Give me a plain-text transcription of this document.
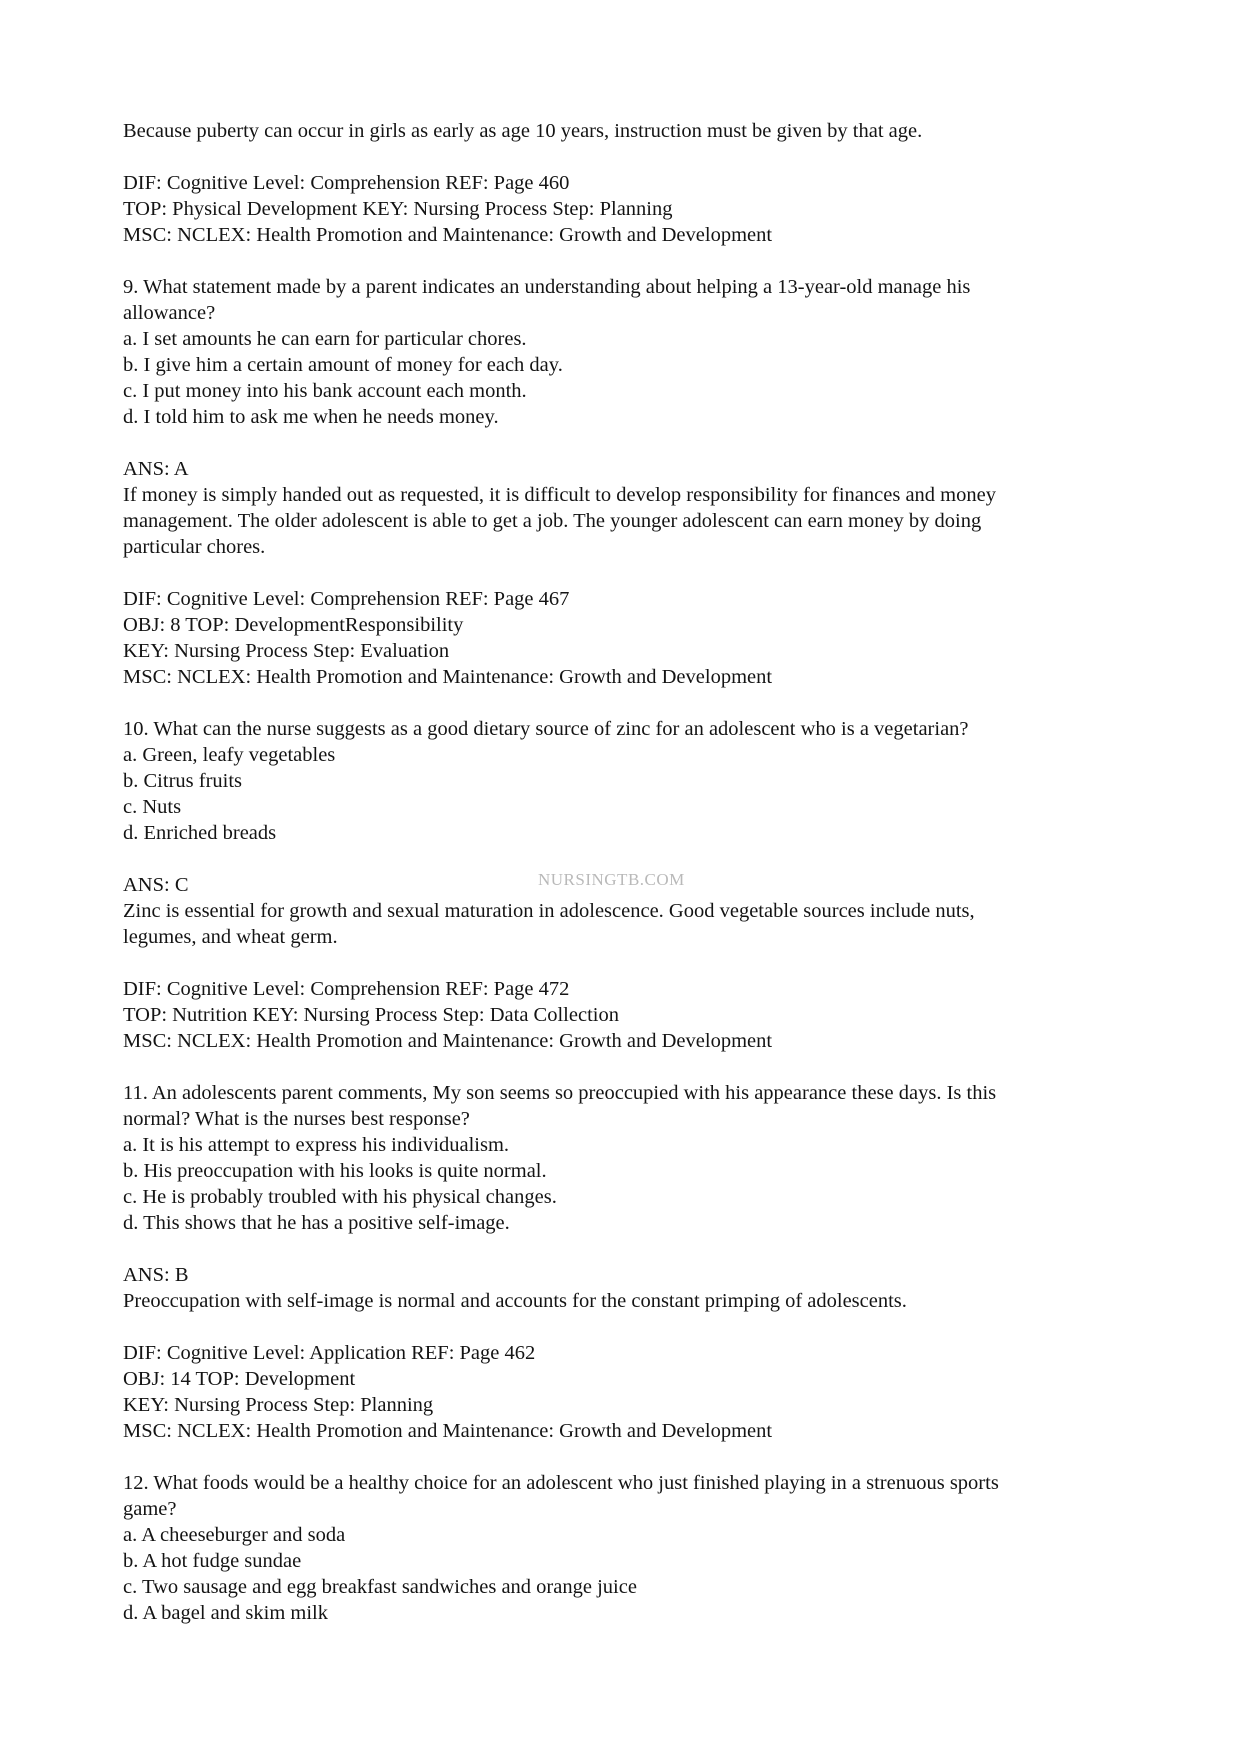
Because puberty can occur in girls as early as age 10 years, instruction must be given by that age.
DIF: Cognitive Level: Comprehension REF: Page 460
TOP: Physical Development KEY: Nursing Process Step: Planning
MSC: NCLEX: Health Promotion and Maintenance: Growth and Development
9. What statement made by a parent indicates an understanding about helping a 13-year-old manage his
allowance?
a. I set amounts he can earn for particular chores.
b. I give him a certain amount of money for each day.
c. I put money into his bank account each month.
d. I told him to ask me when he needs money.
ANS: A
If money is simply handed out as requested, it is difficult to develop responsibility for finances and money
management. The older adolescent is able to get a job. The younger adolescent can earn money by doing
particular chores.
DIF: Cognitive Level: Comprehension REF: Page 467
OBJ: 8 TOP: DevelopmentResponsibility
KEY: Nursing Process Step: Evaluation
MSC: NCLEX: Health Promotion and Maintenance: Growth and Development
10. What can the nurse suggests as a good dietary source of zinc for an adolescent who is a vegetarian?
a. Green, leafy vegetables
b. Citrus fruits
c. Nuts
d. Enriched breads
ANS: C
Zinc is essential for growth and sexual maturation in adolescence. Good vegetable sources include nuts,
legumes, and wheat germ.
DIF: Cognitive Level: Comprehension REF: Page 472
TOP: Nutrition KEY: Nursing Process Step: Data Collection
MSC: NCLEX: Health Promotion and Maintenance: Growth and Development
11. An adolescents parent comments, My son seems so preoccupied with his appearance these days. Is this
normal? What is the nurses best response?
a. It is his attempt to express his individualism.
b. His preoccupation with his looks is quite normal.
c. He is probably troubled with his physical changes.
d. This shows that he has a positive self-image.
ANS: B
Preoccupation with self-image is normal and accounts for the constant primping of adolescents.
DIF: Cognitive Level: Application REF: Page 462
OBJ: 14 TOP: Development
KEY: Nursing Process Step: Planning
MSC: NCLEX: Health Promotion and Maintenance: Growth and Development
12. What foods would be a healthy choice for an adolescent who just finished playing in a strenuous sports
game?
a. A cheeseburger and soda
b. A hot fudge sundae
c. Two sausage and egg breakfast sandwiches and orange juice
d. A bagel and skim milk
NURSINGTB.COM
